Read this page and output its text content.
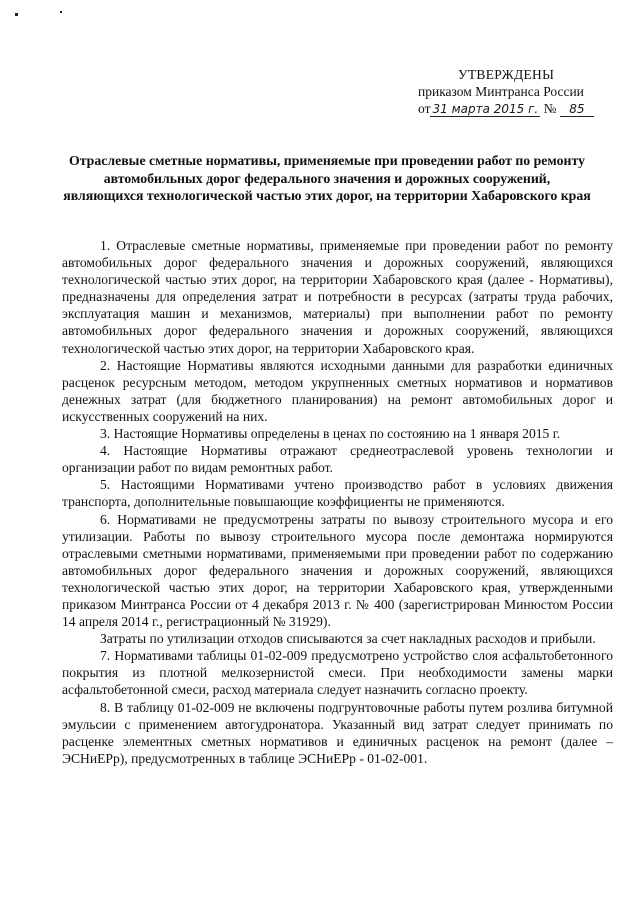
УТВЕРЖДЕНЫ
приказом Минтранса России
от 31 марта 2015 г. № 85
Отраслевые сметные нормативы, применяемые при проведении работ по ремонту автомобильных дорог федерального значения и дорожных сооружений, являющихся технологической частью этих дорог, на территории Хабаровского края

1. Отраслевые сметные нормативы, применяемые при проведении работ по ремонту автомобильных дорог федерального значения и дорожных сооружений, являющихся технологической частью этих дорог, на территории Хабаровского края (далее - Нормативы), предназначены для определения затрат и потребности в ресурсах (затраты труда рабочих, эксплуатация машин и механизмов, материалы) при выполнении работ по ремонту автомобильных дорог федерального значения и дорожных сооружений, являющихся технологической частью этих дорог, на территории Хабаровского края.

2. Настоящие Нормативы являются исходными данными для разработки единичных расценок ресурсным методом, методом укрупненных сметных нормативов и нормативов денежных затрат (для бюджетного планирования) на ремонт автомобильных дорог и искусственных сооружений на них.

3. Настоящие Нормативы определены в ценах по состоянию на 1 января 2015 г.

4. Настоящие Нормативы отражают среднеотраслевой уровень технологии и организации работ по видам ремонтных работ.

5. Настоящими Нормативами учтено производство работ в условиях движения транспорта, дополнительные повышающие коэффициенты не применяются.

6. Нормативами не предусмотрены затраты по вывозу строительного мусора и его утилизации. Работы по вывозу строительного мусора после демонтажа нормируются отраслевыми сметными нормативами, применяемыми при проведении работ по содержанию автомобильных дорог федерального значения и дорожных сооружений, являющихся технологической частью этих дорог, на территории Хабаровского края, утвержденными приказом Минтранса России от 4 декабря 2013 г. № 400 (зарегистрирован Минюстом России 14 апреля 2014 г., регистрационный № 31929).

Затраты по утилизации отходов списываются за счет накладных расходов и прибыли.

7. Нормативами таблицы 01-02-009 предусмотрено устройство слоя асфальтобетонного покрытия из плотной мелкозернистой смеси. При необходимости замены марки асфальтобетонной смеси, расход материала следует назначить согласно проекту.

8. В таблицу 01-02-009 не включены подгрунтовочные работы путем розлива битумной эмульсии с применением автогудронатора. Указанный вид затрат следует принимать по расценке элементных сметных нормативов и единичных расценок на ремонт (далее – ЭСНиЕРр), предусмотренных в таблице ЭСНиЕРр - 01-02-001.
